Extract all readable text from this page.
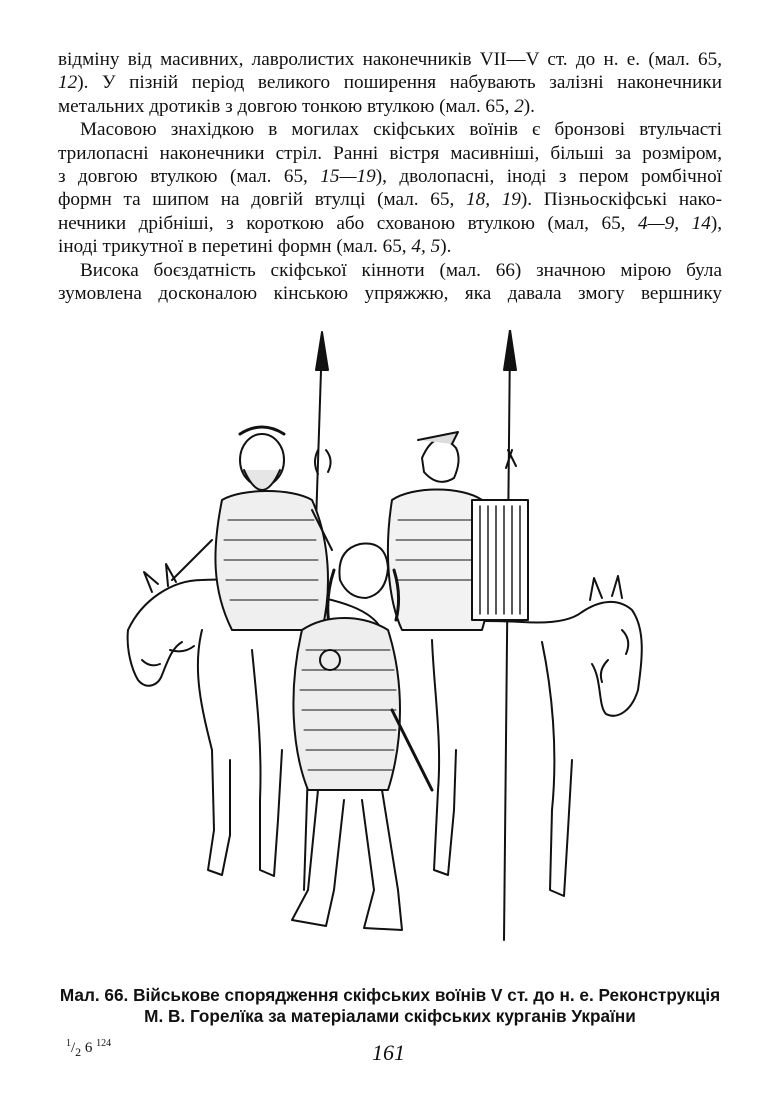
відміну від масивних, лавролистих наконечників VII—V ст. до н. е. (мал. 65,
12). У пізній період великого поширення набувають залізні наконечники
метальних дротиків з довгою тонкою втулкою (мал. 65, 2).
Масовою знахідкою в могилах скіфських воїнів є бронзові втульчасті
трилопасні наконечники стріл. Ранні вістря масивніші, більші за розміром,
з довгою втулкою (мал. 65, 15—19), дволопасні, іноді з пером ромбічної
формн та шипом на довгій втулці (мал. 65, 18, 19). Пізньоскіфські нако-
нечники дрібніші, з короткою або схованою втулкою (мал, 65, 4—9, 14),
іноді трикутної в перетині формн (мал. 65, 4, 5).
Висока боєздатність скіфської кінноти (мал. 66) значною мірою була
зумовлена досконалою кінською упряжжю, яка давала змогу вершнику
Мал. 66. Військове спорядження скіфських воїнів V ст. до н. е. Реконструкція
М. В. Горелїка за матеріалами скіфських курганів України
$^1/_2$ 6 $^{124}$	161
